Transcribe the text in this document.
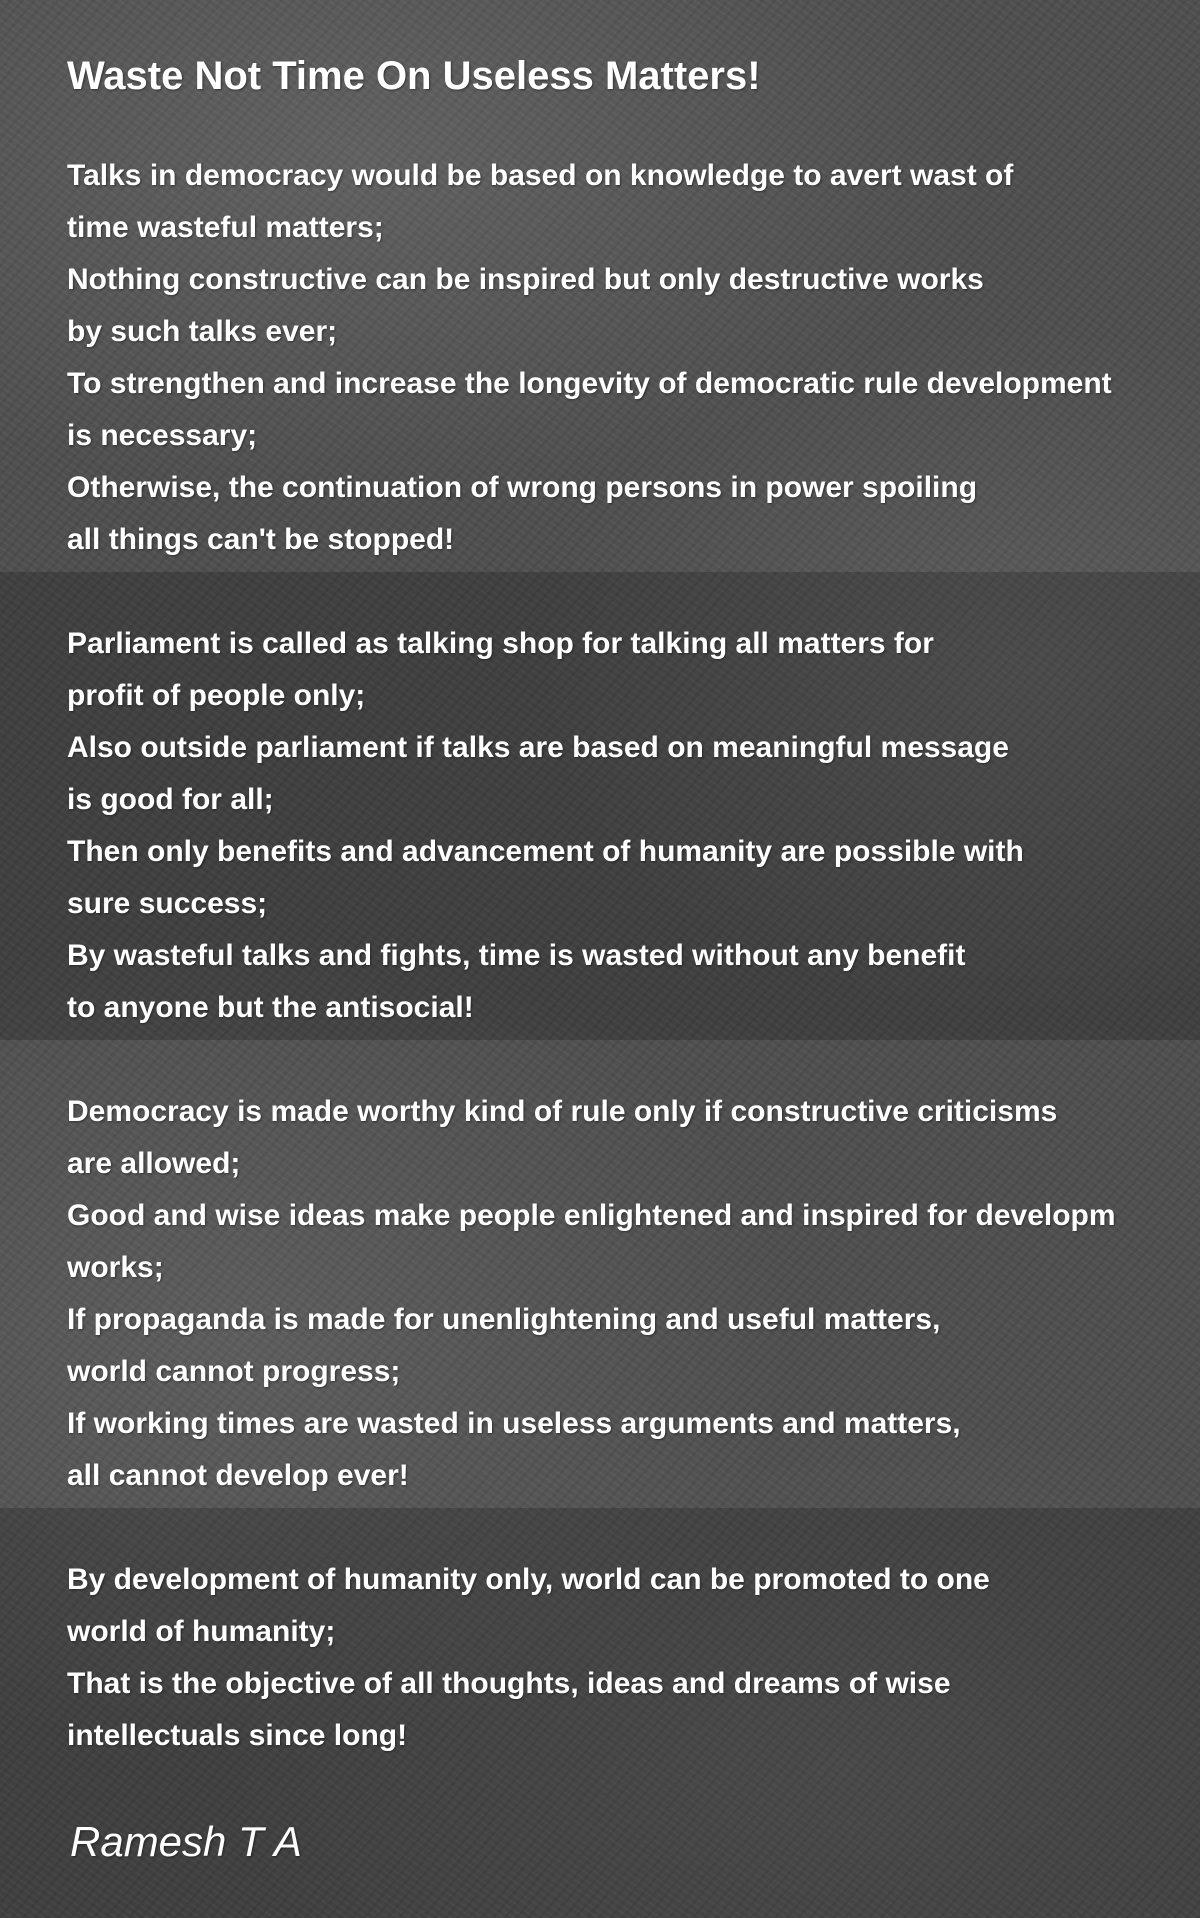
Waste Not Time On Useless Matters!
Talks in democracy would be based on knowledge to avert wast of
time wasteful matters;
Nothing constructive can be inspired but only destructive works
by such talks ever;
To strengthen and increase the longevity of democratic rule development
is necessary;
Otherwise, the continuation of wrong persons in power spoiling
all things can't be stopped!
Parliament is called as talking shop for talking all matters for
profit of people only;
Also outside parliament if talks are based on meaningful message
is good for all;
Then only benefits and advancement of humanity are possible with
sure success;
By wasteful talks and fights, time is wasted without any benefit
to anyone but the antisocial!
Democracy is made worthy kind of rule only if constructive criticisms
are allowed;
Good and wise ideas make people enlightened and inspired for developm
works;
If propaganda is made for unenlightening and useful matters,
world cannot progress;
If working times are wasted in useless arguments and matters,
all cannot develop ever!
By development of humanity only, world can be promoted to one
world of humanity;
That is the objective of all thoughts, ideas and dreams of wise
intellectuals since long!
Ramesh T A
